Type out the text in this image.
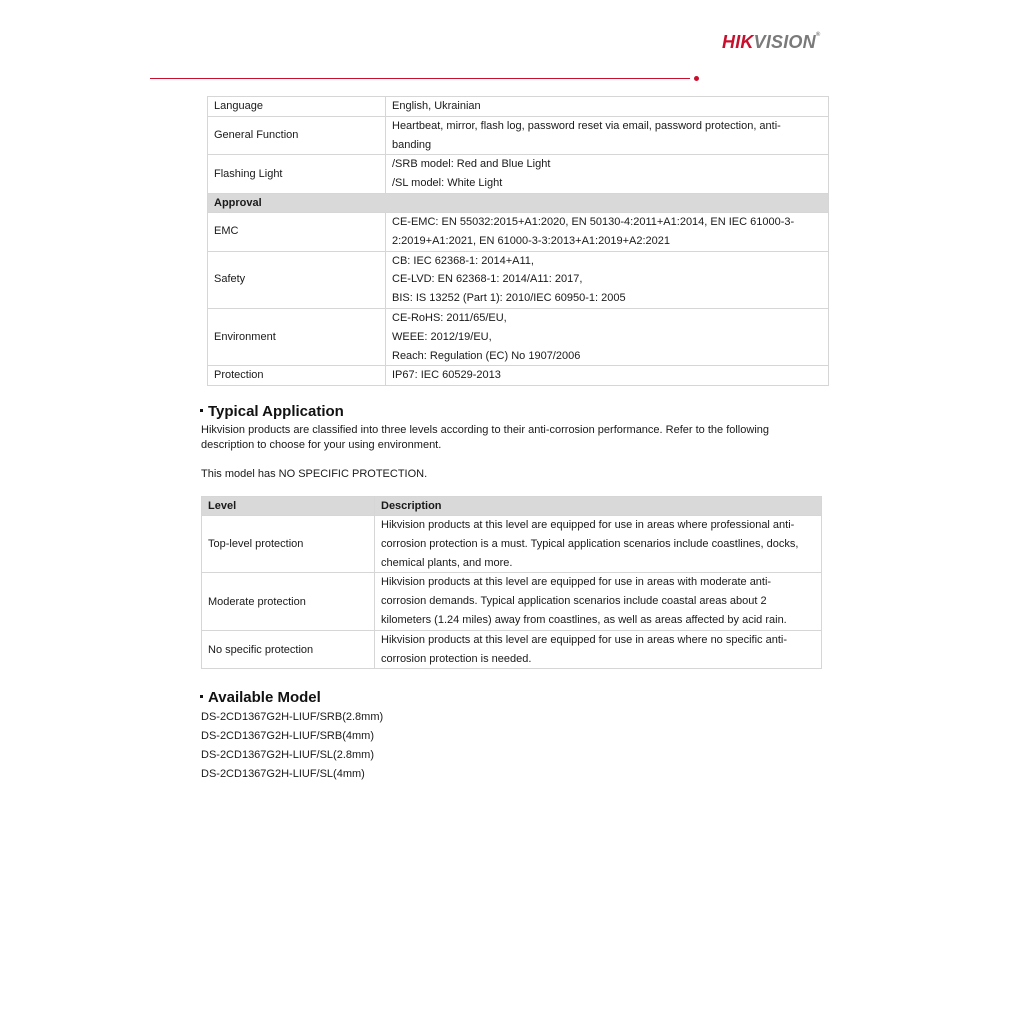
HIKVISION®
Language	English, Ukrainian

General Function	Heartbeat, mirror, flash log, password reset via email, password protection, anti-
banding

Flashing Light	/SRB model: Red and Blue Light
/SL model: White Light

Approval	
EMC	CE-EMC: EN 55032:2015+A1:2020, EN 50130-4:2011+A1:2014, EN IEC 61000-3-
2:2019+A1:2021, EN 61000-3-3:2013+A1:2019+A2:2021

Safety	CB: IEC 62368-1: 2014+A11,
CE-LVD: EN 62368-1: 2014/A11: 2017,
BIS: IS 13252 (Part 1): 2010/IEC 60950-1: 2005

Environment	CE-RoHS: 2011/65/EU,
WEEE: 2012/19/EU,
Reach: Regulation (EC) No 1907/2006

Protection	IP67: IEC 60529-2013
Typical Application
Hikvision products are classified into three levels according to their anti-corrosion performance. Refer to the following description to choose for your using environment.
This model has NO SPECIFIC PROTECTION.
Level	Description
Top-level protection	Hikvision products at this level are equipped for use in areas where professional anti-
corrosion protection is a must. Typical application scenarios include coastlines, docks,
chemical plants, and more.

Moderate protection	Hikvision products at this level are equipped for use in areas with moderate anti-
corrosion demands. Typical application scenarios include coastal areas about 2
kilometers (1.24 miles) away from coastlines, as well as areas affected by acid rain.

No specific protection	Hikvision products at this level are equipped for use in areas where no specific anti-
corrosion protection is needed.
Available Model
DS-2CD1367G2H-LIUF/SRB(2.8mm)
DS-2CD1367G2H-LIUF/SRB(4mm)
DS-2CD1367G2H-LIUF/SL(2.8mm)
DS-2CD1367G2H-LIUF/SL(4mm)
